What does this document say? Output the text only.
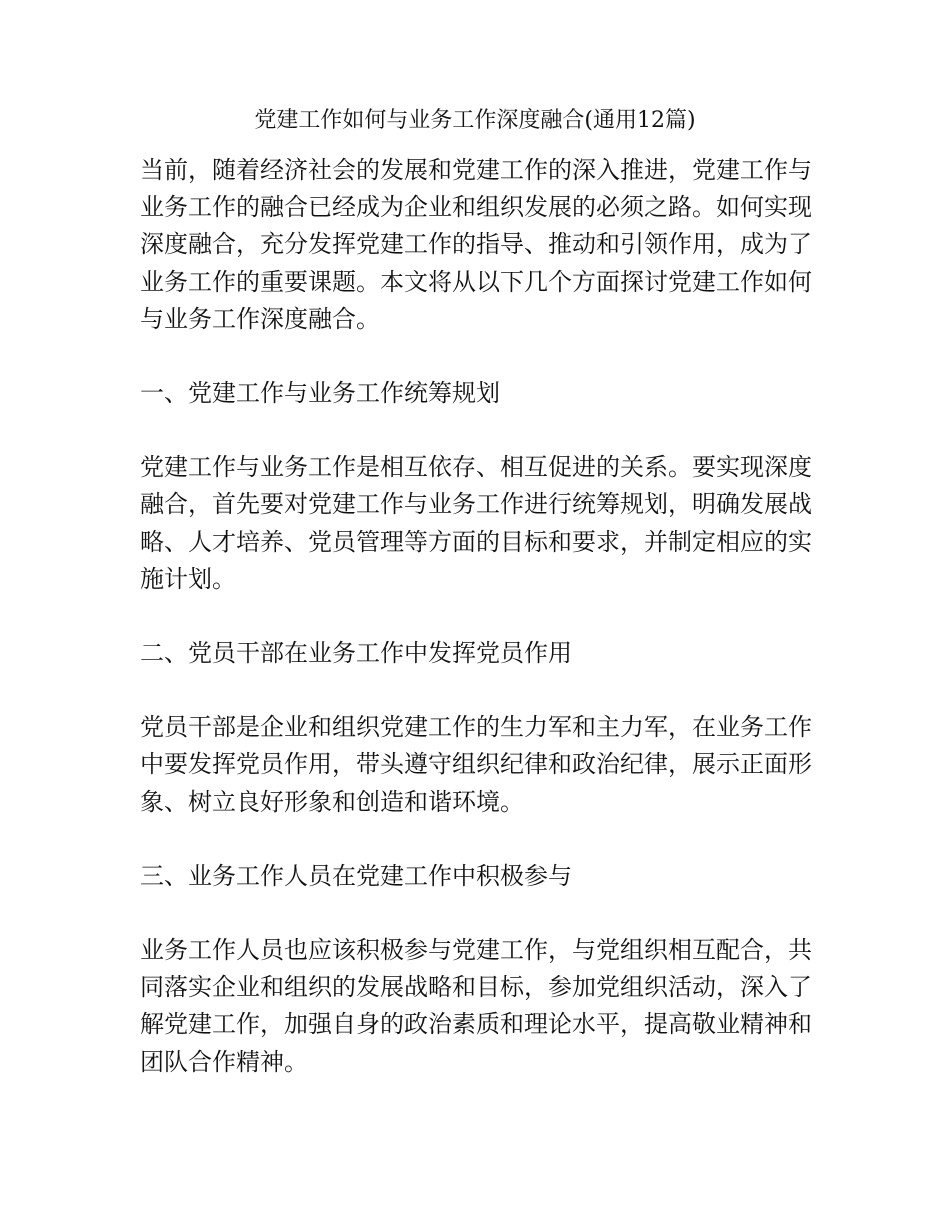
党建工作如何与业务工作深度融合(通用12篇)

当前，随着经济社会的发展和党建工作的深入推进，党建工作与业务工作的融合已经成为企业和组织发展的必须之路。如何实现深度融合，充分发挥党建工作的指导、推动和引领作用，成为了业务工作的重要课题。本文将从以下几个方面探讨党建工作如何与业务工作深度融合。

一、党建工作与业务工作统筹规划

党建工作与业务工作是相互依存、相互促进的关系。要实现深度融合，首先要对党建工作与业务工作进行统筹规划，明确发展战略、人才培养、党员管理等方面的目标和要求，并制定相应的实施计划。

二、党员干部在业务工作中发挥党员作用

党员干部是企业和组织党建工作的生力军和主力军，在业务工作中要发挥党员作用，带头遵守组织纪律和政治纪律，展示正面形象、树立良好形象和创造和谐环境。

三、业务工作人员在党建工作中积极参与

业务工作人员也应该积极参与党建工作，与党组织相互配合，共同落实企业和组织的发展战略和目标，参加党组织活动，深入了解党建工作，加强自身的政治素质和理论水平，提高敬业精神和团队合作精神。
